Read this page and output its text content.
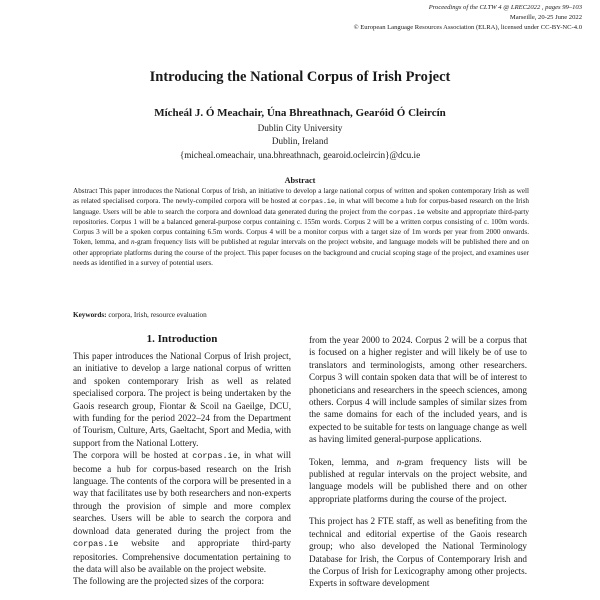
Proceedings of the CLTW 4 @ LREC2022 , pages 99–103
Marseille, 20-25 June 2022
© European Language Resources Association (ELRA), licensed under CC-BY-NC-4.0
Introducing the National Corpus of Irish Project
Mícheál J. Ó Meachair, Úna Bhreathnach, Gearóid Ó Cleircín
Dublin City University
Dublin, Ireland
{micheal.omeachair, una.bhreathnach, gearoid.ocleircin}@dcu.ie
Abstract
Abstract This paper introduces the National Corpus of Irish, an initiative to develop a large national corpus of written and spoken contemporary Irish as well as related specialised corpora. The newly-compiled corpora will be hosted at corpas.ie, in what will become a hub for corpus-based research on the Irish language. Users will be able to search the corpora and download data generated during the project from the corpas.ie website and appropriate third-party repositories. Corpus 1 will be a balanced general-purpose corpus containing c. 155m words. Corpus 2 will be a written corpus consisting of c. 100m words. Corpus 3 will be a spoken corpus containing 6.5m words. Corpus 4 will be a monitor corpus with a target size of 1m words per year from 2000 onwards. Token, lemma, and n-gram frequency lists will be published at regular intervals on the project website, and language models will be published there and on other appropriate platforms during the course of the project. This paper focuses on the background and crucial scoping stage of the project, and examines user needs as identified in a survey of potential users.
Keywords: corpora, Irish, resource evaluation
1. Introduction

This paper introduces the National Corpus of Irish project, an initiative to develop a large national corpus of written and spoken contemporary Irish as well as related specialised corpora. The project is being undertaken by the Gaois research group, Fiontar & Scoil na Gaeilge, DCU, with funding for the period 2022–24 from the Department of Tourism, Culture, Arts, Gaeltacht, Sport and Media, with support from the National Lottery.

The corpora will be hosted at corpas.ie, in what will become a hub for corpus-based research on the Irish language. The contents of the corpora will be presented in a way that facilitates use by both researchers and non-experts through the provision of simple and more complex searches. Users will be able to search the corpora and download data generated during the project from the corpas.ie website and appropriate third-party repositories. Comprehensive documentation pertaining to the data will also be available on the project website.

The following are the projected sizes of the corpora:

from the year 2000 to 2024. Corpus 2 will be a corpus that is focused on a higher register and will likely be of use to translators and terminologists, among other researchers. Corpus 3 will contain spoken data that will be of interest to phoneticians and researchers in the speech sciences, among others. Corpus 4 will include samples of similar sizes from the same domains for each of the included years, and is expected to be suitable for tests on language change as well as having limited general-purpose applications.

Token, lemma, and n-gram frequency lists will be published at regular intervals on the project website, and language models will be published there and on other appropriate platforms during the course of the project.

This project has 2 FTE staff, as well as benefiting from the technical and editorial expertise of the Gaois research group; who also developed the National Terminology Database for Irish, the Corpus of Contemporary Irish and the Corpus of Irish for Lexicography among other projects. Experts in software development
